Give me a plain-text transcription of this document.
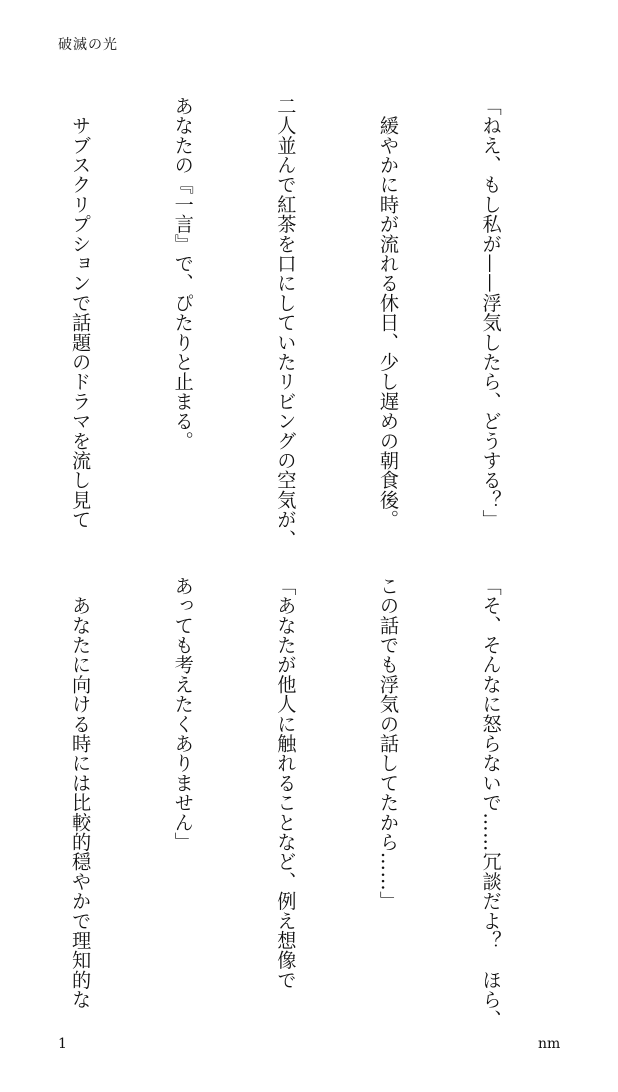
破滅の光

「ねえ、もし私が——浮気したら、どうする？」

　緩やかに時が流れる休日、少し遅めの朝食後。

二人並んで紅茶を口にしていたリビングの空気が、

あなたの『一言』で、ぴたりと止まる。

　サブスクリプションで話題のドラマを流し見て

「そ、そんなに怒らないで……冗談だよ？　ほら、

この話でも浮気の話してたから……」

「あなたが他人に触れることなど、例え想像で

あっても考えたくありません」

　あなたに向ける時には比較的穏やかで理知的な

1	nm
